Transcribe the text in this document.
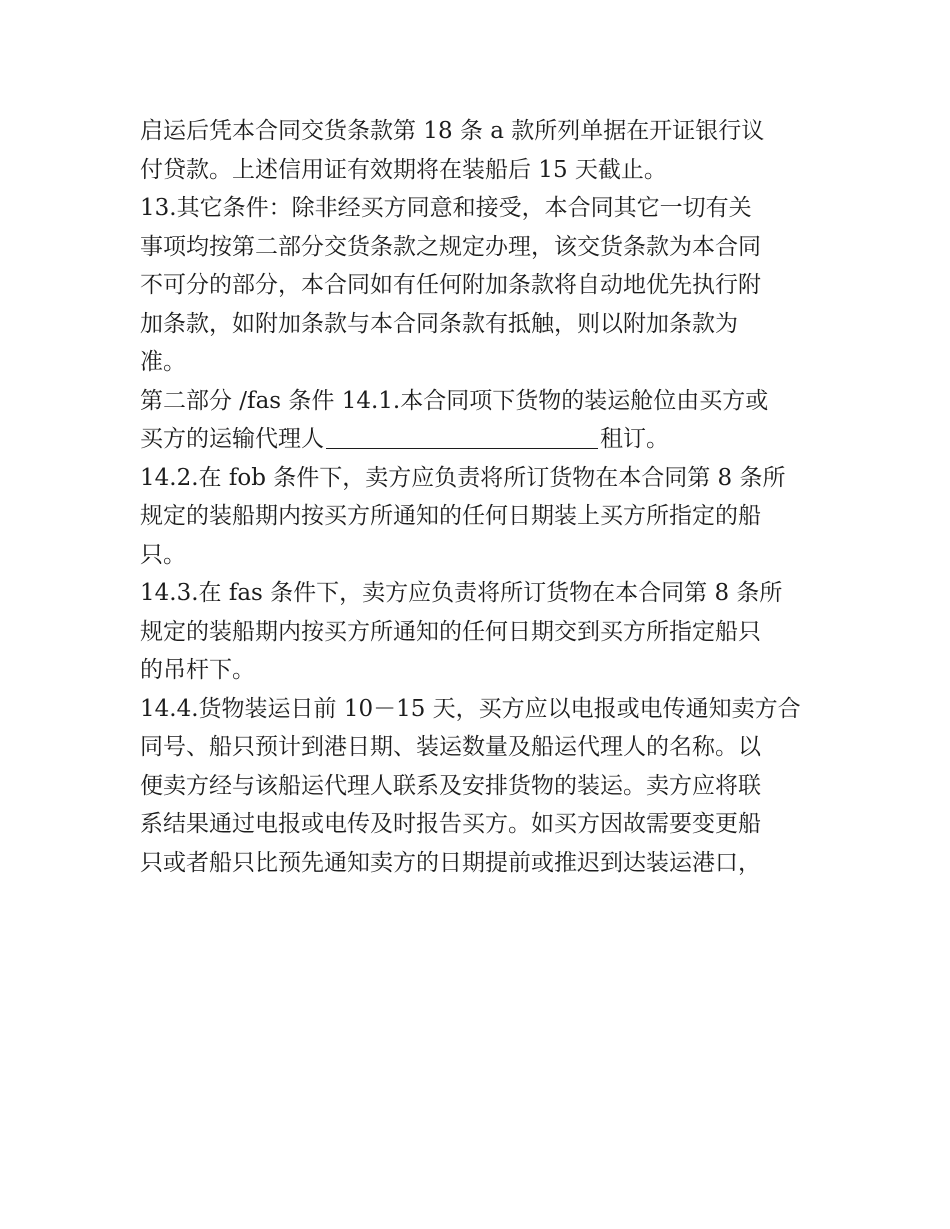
启运后凭本合同交货条款第 18 条 a 款所列单据在开证银行议
付贷款。上述信用证有效期将在装船后 15 天截止。
13.其它条件：除非经买方同意和接受，本合同其它一切有关
事项均按第二部分交货条款之规定办理，该交货条款为本合同
不可分的部分，本合同如有任何附加条款将自动地优先执行附
加条款，如附加条款与本合同条款有抵触，则以附加条款为
准。
第二部分 /fas 条件 14.1.本合同项下货物的装运舱位由买方或
买方的运输代理人	租订。
14.2.在 fob 条件下，卖方应负责将所订货物在本合同第 8 条所
规定的装船期内按买方所通知的任何日期装上买方所指定的船
只。
14.3.在 fas 条件下，卖方应负责将所订货物在本合同第 8 条所
规定的装船期内按买方所通知的任何日期交到买方所指定船只
的吊杆下。
14.4.货物装运日前 10－15 天，买方应以电报或电传通知卖方合
同号、船只预计到港日期、装运数量及船运代理人的名称。以
便卖方经与该船运代理人联系及安排货物的装运。卖方应将联
系结果通过电报或电传及时报告买方。如买方因故需要变更船
只或者船只比预先通知卖方的日期提前或推迟到达装运港口，
